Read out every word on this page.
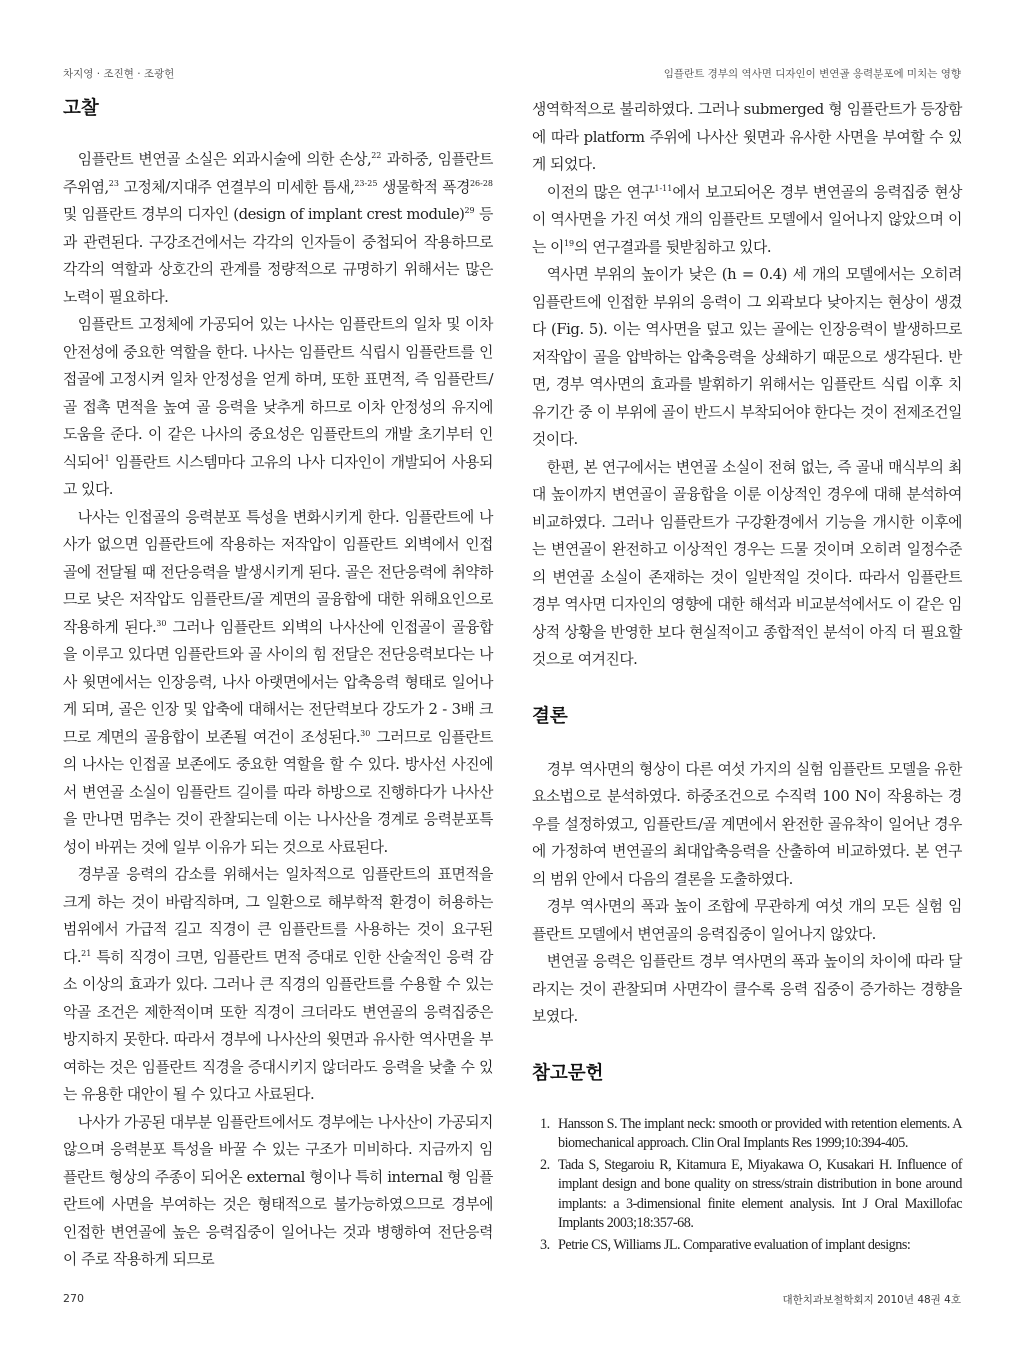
차지영 · 조진현 · 조광헌	임플란트 경부의 역사면 디자인이 변연골 응력분포에 미치는 영향
고찰

임플란트 변연골 소실은 외과시술에 의한 손상,$^{22}$ 과하중, 임플란트 주위염,$^{23}$ 고정체/지대주 연결부의 미세한 틈새,$^{23-25}$ 생물학적 폭경$^{26-28}$ 및 임플란트 경부의 디자인 (design of implant crest module)$^{29}$ 등과 관련된다. 구강조건에서는 각각의 인자들이 중첩되어 작용하므로 각각의 역할과 상호간의 관계를 정량적으로 규명하기 위해서는 많은 노력이 필요하다.

임플란트 고정체에 가공되어 있는 나사는 임플란트의 일차 및 이차 안전성에 중요한 역할을 한다. 나사는 임플란트 식립시 임플란트를 인접골에 고정시켜 일차 안정성을 얻게 하며, 또한 표면적, 즉 임플란트/골 접촉 면적을 높여 골 응력을 낮추게 하므로 이차 안정성의 유지에 도움을 준다. 이 같은 나사의 중요성은 임플란트의 개발 초기부터 인식되어$^1$ 임플란트 시스템마다 고유의 나사 디자인이 개발되어 사용되고 있다.

나사는 인접골의 응력분포 특성을 변화시키게 한다. 임플란트에 나사가 없으면 임플란트에 작용하는 저작압이 임플란트 외벽에서 인접골에 전달될 때 전단응력을 발생시키게 된다. 골은 전단응력에 취약하므로 낮은 저작압도 임플란트/골 계면의 골융합에 대한 위해요인으로 작용하게 된다.$^{30}$ 그러나 임플란트 외벽의 나사산에 인접골이 골융합을 이루고 있다면 임플란트와 골 사이의 힘 전달은 전단응력보다는 나사 윗면에서는 인장응력, 나사 아랫면에서는 압축응력 형태로 일어나게 되며, 골은 인장 및 압축에 대해서는 전단력보다 강도가 2 - 3배 크므로 계면의 골융합이 보존될 여건이 조성된다.$^{30}$ 그러므로 임플란트의 나사는 인접골 보존에도 중요한 역할을 할 수 있다. 방사선 사진에서 변연골 소실이 임플란트 길이를 따라 하방으로 진행하다가 나사산을 만나면 멈추는 것이 관찰되는데 이는 나사산을 경계로 응력분포특성이 바뀌는 것에 일부 이유가 되는 것으로 사료된다.

경부골 응력의 감소를 위해서는 일차적으로 임플란트의 표면적을 크게 하는 것이 바람직하며, 그 일환으로 해부학적 환경이 허용하는 범위에서 가급적 길고 직경이 큰 임플란트를 사용하는 것이 요구된다.$^{21}$ 특히 직경이 크면, 임플란트 면적 증대로 인한 산술적인 응력 감소 이상의 효과가 있다. 그러나 큰 직경의 임플란트를 수용할 수 있는 악골 조건은 제한적이며 또한 직경이 크더라도 변연골의 응력집중은 방지하지 못한다. 따라서 경부에 나사산의 윗면과 유사한 역사면을 부여하는 것은 임플란트 직경을 증대시키지 않더라도 응력을 낮출 수 있는 유용한 대안이 될 수 있다고 사료된다.

나사가 가공된 대부분 임플란트에서도 경부에는 나사산이 가공되지 않으며 응력분포 특성을 바꿀 수 있는 구조가 미비하다. 지금까지 임플란트 형상의 주종이 되어온 external 형이나 특히 internal 형 임플란트에 사면을 부여하는 것은 형태적으로 불가능하였으므로 경부에 인접한 변연골에 높은 응력집중이 일어나는 것과 병행하여 전단응력이 주로 작용하게 되므로

생역학적으로 불리하였다. 그러나 submerged 형 임플란트가 등장함에 따라 platform 주위에 나사산 윗면과 유사한 사면을 부여할 수 있게 되었다.

이전의 많은 연구$^{1-11}$에서 보고되어온 경부 변연골의 응력집중 현상이 역사면을 가진 여섯 개의 임플란트 모델에서 일어나지 않았으며 이는 이$^{19}$의 연구결과를 뒷받침하고 있다.

역사면 부위의 높이가 낮은 (h = 0.4) 세 개의 모델에서는 오히려 임플란트에 인접한 부위의 응력이 그 외곽보다 낮아지는 현상이 생겼다 (Fig. 5). 이는 역사면을 덮고 있는 골에는 인장응력이 발생하므로 저작압이 골을 압박하는 압축응력을 상쇄하기 때문으로 생각된다. 반면, 경부 역사면의 효과를 발휘하기 위해서는 임플란트 식립 이후 치유기간 중 이 부위에 골이 반드시 부착되어야 한다는 것이 전제조건일 것이다.

한편, 본 연구에서는 변연골 소실이 전혀 없는, 즉 골내 매식부의 최대 높이까지 변연골이 골융합을 이룬 이상적인 경우에 대해 분석하여 비교하였다. 그러나 임플란트가 구강환경에서 기능을 개시한 이후에는 변연골이 완전하고 이상적인 경우는 드물 것이며 오히려 일정수준의 변연골 소실이 존재하는 것이 일반적일 것이다. 따라서 임플란트 경부 역사면 디자인의 영향에 대한 해석과 비교분석에서도 이 같은 임상적 상황을 반영한 보다 현실적이고 종합적인 분석이 아직 더 필요할 것으로 여겨진다.

결론

경부 역사면의 형상이 다른 여섯 가지의 실험 임플란트 모델을 유한요소법으로 분석하였다. 하중조건으로 수직력 100 N이 작용하는 경우를 설정하였고, 임플란트/골 계면에서 완전한 골유착이 일어난 경우에 가정하여 변연골의 최대압축응력을 산출하여 비교하였다. 본 연구의 범위 안에서 다음의 결론을 도출하였다.

경부 역사면의 폭과 높이 조합에 무관하게 여섯 개의 모든 실험 임플란트 모델에서 변연골의 응력집중이 일어나지 않았다.

변연골 응력은 임플란트 경부 역사면의 폭과 높이의 차이에 따라 달라지는 것이 관찰되며 사면각이 클수록 응력 집중이 증가하는 경향을 보였다.

참고문헌
1. Hansson S. The implant neck: smooth or provided with retention elements. A biomechanical approach. Clin Oral Implants Res 1999;10:394-405.
2. Tada S, Stegaroiu R, Kitamura E, Miyakawa O, Kusakari H. Influence of implant design and bone quality on stress/strain distribution in bone around implants: a 3-dimensional finite element analysis. Int J Oral Maxillofac Implants 2003;18:357-68.
3. Petrie CS, Williams JL. Comparative evaluation of implant designs:
270	대한치과보철학회지 2010년 48권 4호
